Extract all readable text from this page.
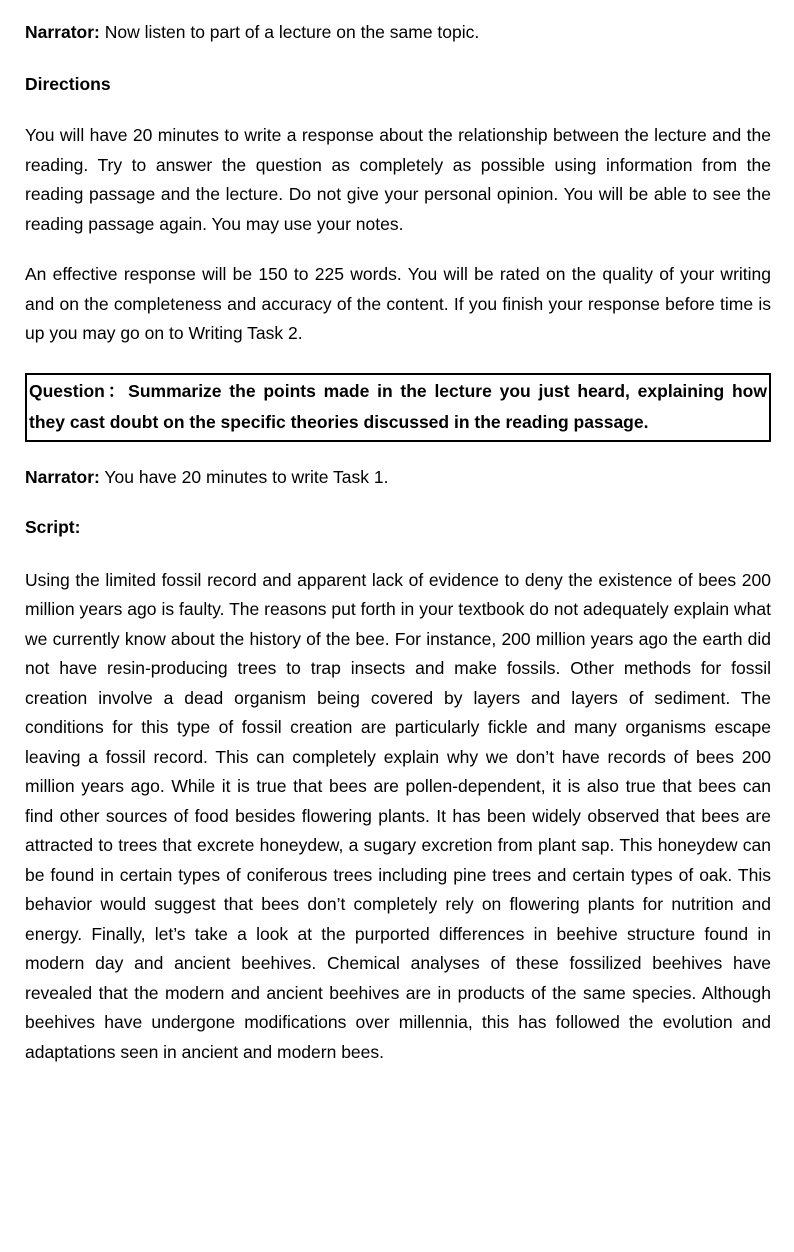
Narrator: Now listen to part of a lecture on the same topic.

Directions

You will have 20 minutes to write a response about the relationship between the lecture and the reading. Try to answer the question as completely as possible using information from the reading passage and the lecture. Do not give your personal opinion. You will be able to see the reading passage again. You may use your notes.

An effective response will be 150 to 225 words. You will be rated on the quality of your writing and on the completeness and accuracy of the content. If you finish your response before time is up you may go on to Writing Task 2.

Question：Summarize the points made in the lecture you just heard, explaining how they cast doubt on the specific theories discussed in the reading passage.

Narrator: You have 20 minutes to write Task 1.

Script:

Using the limited fossil record and apparent lack of evidence to deny the existence of bees 200 million years ago is faulty. The reasons put forth in your textbook do not adequately explain what we currently know about the history of the bee. For instance, 200 million years ago the earth did not have resin-producing trees to trap insects and make fossils. Other methods for fossil creation involve a dead organism being covered by layers and layers of sediment. The conditions for this type of fossil creation are particularly fickle and many organisms escape leaving a fossil record. This can completely explain why we don’t have records of bees 200 million years ago. While it is true that bees are pollen-dependent, it is also true that bees can find other sources of food besides flowering plants. It has been widely observed that bees are attracted to trees that excrete honeydew, a sugary excretion from plant sap. This honeydew can be found in certain types of coniferous trees including pine trees and certain types of oak. This behavior would suggest that bees don’t completely rely on flowering plants for nutrition and energy. Finally, let’s take a look at the purported differences in beehive structure found in modern day and ancient beehives. Chemical analyses of these fossilized beehives have revealed that the modern and ancient beehives are in products of the same species. Although beehives have undergone modifications over millennia, this has followed the evolution and adaptations seen in ancient and modern bees.
